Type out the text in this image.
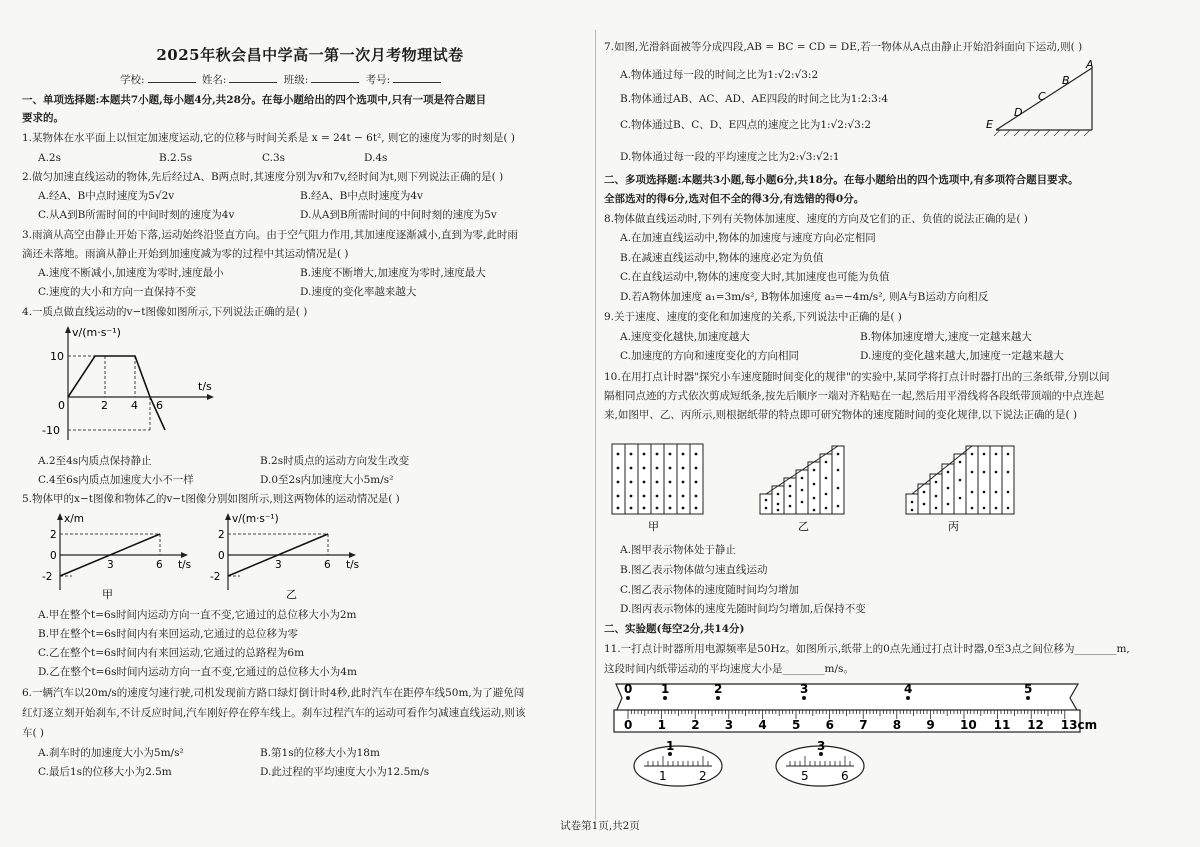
2025年秋会昌中学高一第一次月考物理试卷
学校:	姓名:	班级:	考号:
一、单项选择题:本题共7小题,每小题4分,共28分。在每小题给出的四个选项中,只有一项是符合题目
要求的。
1.某物体在水平面上以恒定加速度运动,它的位移与时间关系是 x = 24t − 6t², 则它的速度为零的时刻是( )
A.2s	B.2.5s	C.3s	D.4s
2.做匀加速直线运动的物体,先后经过A、B两点时,其速度分别为v和7v,经时间为t,则下列说法正确的是( )
A.经A、B中点时速度为5√2v	B.经A、B中点时速度为4v
C.从A到B所需时间的中间时刻的速度为4v	D.从A到B所需时间的中间时刻的速度为5v
3.雨滴从高空由静止开始下落,运动始终沿竖直方向。由于空气阻力作用,其加速度逐渐减小,直到为零,此时雨
滴还未落地。雨滴从静止开始到加速度减为零的过程中其运动情况是( )
A.速度不断减小,加速度为零时,速度最小	B.速度不断增大,加速度为零时,速度最大
C.速度的大小和方向一直保持不变	D.速度的变化率越来越大
4.一质点做直线运动的v−t图像如图所示,下列说法正确的是( )
v/(m·s⁻¹)
t/s
10
0	2 4 6
-10
A.2至4s内质点保持静止	B.2s时质点的运动方向发生改变
C.4至6s内质点加速度大小不一样	D.0至2s内加速度大小5m/s²
5.物体甲的x−t图像和物体乙的v−t图像分别如图所示,则这两物体的运动情况是( )
x/m
2
0
-2
3	6 t/s
甲
v/(m·s⁻¹)
2
0
-2
3	6 t/s
乙
A.甲在整个t=6s时间内运动方向一直不变,它通过的总位移大小为2m
B.甲在整个t=6s时间内有来回运动,它通过的总位移为零
C.乙在整个t=6s时间内有来回运动,它通过的总路程为6m
D.乙在整个t=6s时间内运动方向一直不变,它通过的总位移大小为4m
6.一辆汽车以20m/s的速度匀速行驶,司机发现前方路口绿灯倒计时4秒,此时汽车在距停车线50m,为了避免闯
红灯逐立刻开始刹车,不计反应时间,汽车刚好停在停车线上。刹车过程汽车的运动可看作匀减速直线运动,则该
车( )
A.刹车时的加速度大小为5m/s²	B.第1s的位移大小为18m
C.最后1s的位移大小为2.5m	D.此过程的平均速度大小为12.5m/s
7.如图,光滑斜面被等分成四段,AB = BC = CD = DE,若一物体从A点由静止开始沿斜面向下运动,则( )
A.物体通过每一段的时间之比为1:√2:√3:2
B.物体通过AB、AC、AD、AE四段的时间之比为1:2:3:4
C.物体通过B、C、D、E四点的速度之比为1:√2:√3:2
D.物体通过每一段的平均速度之比为2:√3:√2:1
A
B
C
D
E
二、多项选择题:本题共3小题,每小题6分,共18分。在每小题给出的四个选项中,有多项符合题目要求。
全部选对的得6分,选对但不全的得3分,有选错的得0分。
8.物体做直线运动时,下列有关物体加速度、速度的方向及它们的正、负值的说法正确的是( )
A.在加速直线运动中,物体的加速度与速度方向必定相同
B.在减速直线运动中,物体的速度必定为负值
C.在直线运动中,物体的速度变大时,其加速度也可能为负值
D.若A物体加速度 a₁=3m/s², B物体加速度 a₂=−4m/s², 则A与B运动方向相反
9.关于速度、速度的变化和加速度的关系,下列说法中正确的是( )
A.速度变化越快,加速度越大	B.物体加速度增大,速度一定越来越大
C.加速度的方向和速度变化的方向相同	D.速度的变化越来越大,加速度一定越来越大
10.在用打点计时器"探究小车速度随时间变化的规律"的实验中,某同学将打点计时器打出的三条纸带,分别以间
隔相同点迹的方式依次剪成短纸条,按先后顺序一端对齐粘贴在一起,然后用平滑线将各段纸带顶端的中点连起
来,如图甲、乙、丙所示,则根据纸带的特点即可研究物体的速度随时间的变化规律,以下说法正确的是( )
甲	乙	丙
A.图甲表示物体处于静止
B.图乙表示物体做匀速直线运动
C.图乙表示物体的速度随时间均匀增加
D.图丙表示物体的速度先随时间均匀增加,后保持不变
二、实验题(每空2分,共14分)
11.一打点计时器所用电源频率是50Hz。如图所示,纸带上的0点先通过打点计时器,0至3点之间位移为________m,
这段时间内纸带运动的平均速度大小是________m/s。
0 1	2	3	4	5
0 1 2 3 4 5 6 7 8 9 10 11 12 13cm
1
1	2
3
5	6
试卷第1页,共2页
